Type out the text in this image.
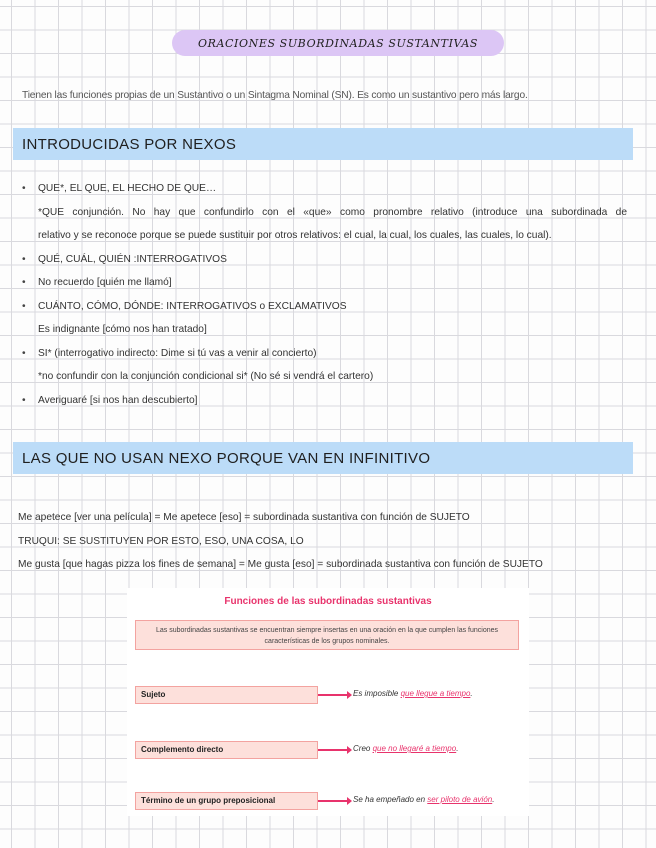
ORACIONES SUBORDINADAS SUSTANTIVAS
Tienen las funciones propias de un Sustantivo o un Sintagma Nominal (SN). Es como un sustantivo pero más largo.
INTRODUCIDAS POR NEXOS
• QUE*, EL QUE, EL HECHO DE QUE…
*QUE conjunción. No hay que confundirlo con el «que» como pronombre relativo (introduce una subordinada de
relativo y se reconoce porque se puede sustituir por otros relativos: el cual, la cual, los cuales, las cuales, lo cual).
• QUÉ, CUÁL, QUIÉN :INTERROGATIVOS
• No recuerdo [quién me llamó]
• CUÁNTO, CÓMO, DÓNDE: INTERROGATIVOS o EXCLAMATIVOS
Es indignante [cómo nos han tratado]
• SI* (interrogativo indirecto: Dime si tú vas a venir al concierto)
*no confundir con la conjunción condicional si* (No sé si vendrá el cartero)
• Averiguaré [si nos han descubierto]
LAS QUE NO USAN NEXO PORQUE VAN EN INFINITIVO
Me apetece [ver una película] = Me apetece [eso] = subordinada sustantiva con función de SUJETO
TRUQUI: SE SUSTITUYEN POR ESTO, ESO, UNA COSA, LO
Me gusta [que hagas pizza los fines de semana] = Me gusta [eso] = subordinada sustantiva con función de SUJETO
Funciones de las subordinadas sustantivas
Las subordinadas sustantivas se encuentran siempre insertas en una oración en la que cumplen las funciones características de los grupos nominales.
Sujeto	Es imposible que llegue a tiempo.
Complemento directo	Creo que no llegaré a tiempo.
Término de un grupo preposicional	Se ha empeñado en ser piloto de avión.
